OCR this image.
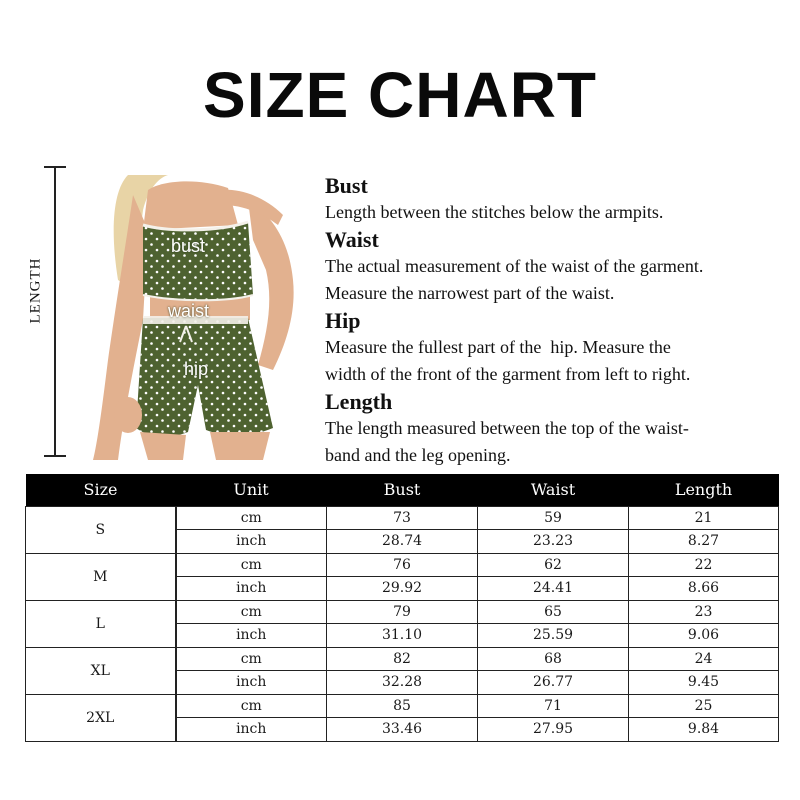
SIZE CHART
LENGTH
bust
waist
hip
Bust

Length between the stitches below the armpits.

Waist

The actual measurement of the waist of the garment.

Measure the narrowest part of the waist.

Hip

Measure the fullest part of the  hip. Measure the

width of the front of the garment from left to right.

Length

The length measured between the top of the waist-

band and the leg opening.

Size	Unit	Bust	Waist	Length
S	cm	73	59	21
	inch	28.74	23.23	8.27
M	cm	76	62	22
	inch	29.92	24.41	8.66
L	cm	79	65	23
	inch	31.10	25.59	9.06
XL	cm	82	68	24
	inch	32.28	26.77	9.45
2XL	cm	85	71	25
	inch	33.46	27.95	9.84
